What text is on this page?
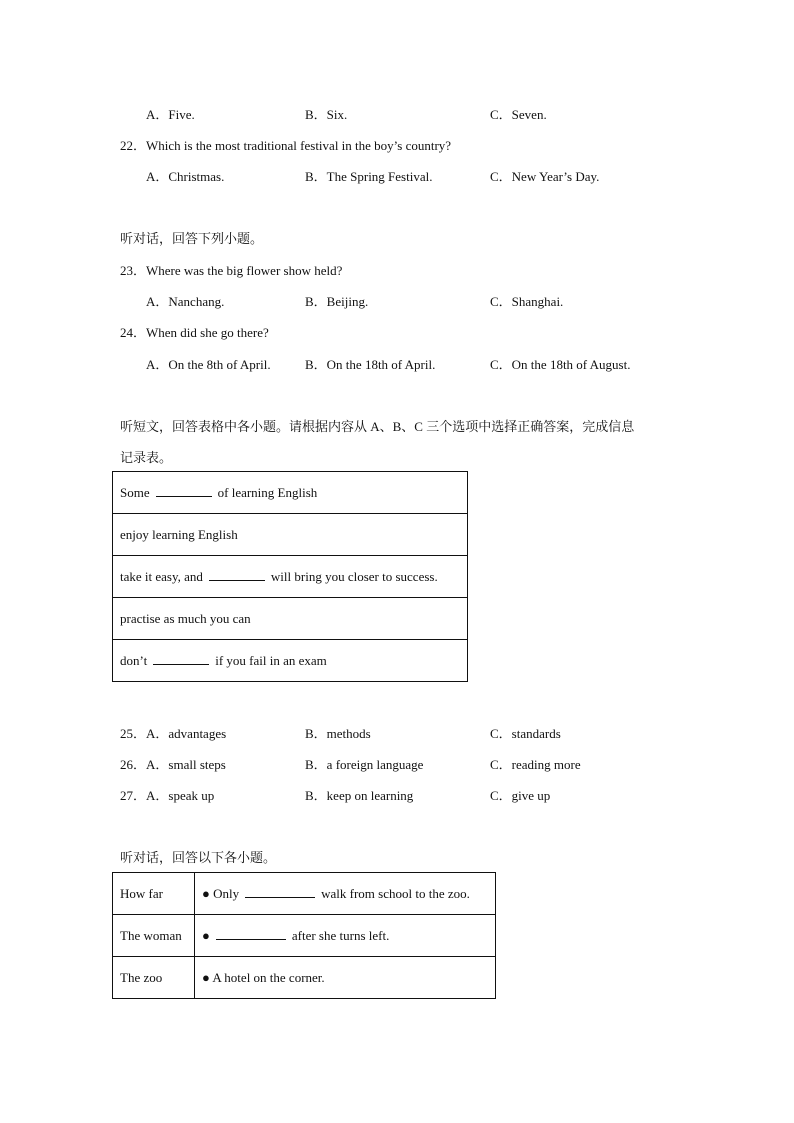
A．Five.	B．Six.	C．Seven.
22．Which is the most traditional festival in the boy’s country?
A．Christmas.	B．The Spring Festival.	C．New Year’s Day.
听对话，回答下列小题。
23．Where was the big flower show held?
A．Nanchang.	B．Beijing.	C．Shanghai.
24．When did she go there?
A．On the 8th of April.	B．On the 18th of April.	C．On the 18th of August.
听短文，回答表格中各小题。请根据内容从 A、B、C 三个选项中选择正确答案，完成信息
记录表。
Some	of learning English
enjoy learning English
take it easy, and	will bring you closer to success.
practise as much you can
don’t	if you fail in an exam
25．A．advantages	B．methods	C．standards
26．A．small steps	B．a foreign language	C．reading more
27．A．speak up	B．keep on learning	C．give up
听对话，回答以下各小题。
How far	● Only walk from school to the zoo.
The woman	● after she turns left.
The zoo	● A hotel on the corner.
